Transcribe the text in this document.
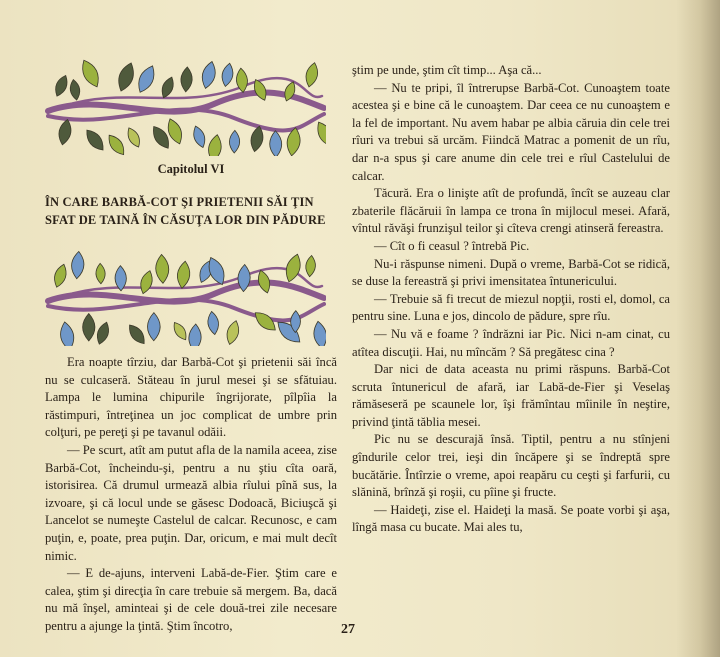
Capitolul VI
ÎN CARE BARBĂ-COT ŞI PRIETENII SĂI ŢIN SFAT DE TAINĂ ÎN CĂSUŢA LOR DIN PĂDURE

Era noapte tîrziu, dar Barbă-Cot şi prietenii săi încă nu se culcaseră. Stăteau în jurul mesei şi se sfătuiau. Lampa le lumina chipurile îngrijorate, pîlpîia la răstimpuri, întreţinea un joc complicat de umbre prin colţuri, pe pereţi şi pe tavanul odăii.

— Pe scurt, atît am putut afla de la namila aceea, zise Barbă-Cot, încheindu-şi, pentru a nu ştiu cîta oară, istorisirea. Că drumul urmează albia rîului pînă sus, la izvoare, şi că locul unde se găsesc Dodoacă, Biciuşcă şi Lancelot se numeşte Castelul de calcar. Recunosc, e cam puţin, e, poate, prea puţin. Dar, oricum, e mai mult decît nimic.

— E de-ajuns, interveni Labă-de-Fier. Ştim care e calea, ştim şi direcţia în care trebuie să mergem. Ba, dacă nu mă înşel, aminteai şi de cele două-trei zile necesare pentru a ajunge la ţintă. Ştim încotro,

ştim pe unde, ştim cît timp... Aşa că...

— Nu te pripi, îl întrerupse Barbă-Cot. Cunoaştem toate acestea şi e bine că le cunoaştem. Dar ceea ce nu cunoaştem e la fel de important. Nu avem habar pe albia căruia din cele trei rîuri va trebui să urcăm. Fiindcă Matrac a pomenit de un rîu, dar n-a spus şi care anume din cele trei e rîul Castelului de calcar.

Tăcură. Era o linişte atît de profundă, încît se auzeau clar zbaterile flăcăruii în lampa ce trona în mijlocul mesei. Afară, vîntul răvăşi frunzişul teilor şi cîteva crengi atinseră fereastra.

— Cît o fi ceasul ? întrebă Pic.

Nu-i răspunse nimeni. După o vreme, Barbă-Cot se ridică, se duse la fereastră şi privi imensitatea întunericului.

— Trebuie să fi trecut de miezul nopţii, rosti el, domol, ca pentru sine. Luna e jos, dincolo de pădure, spre rîu.

— Nu vă e foame ? îndrăzni iar Pic. Nici n-am cinat, cu atîtea discuţii. Hai, nu mîncăm ? Să pregătesc cina ?

Dar nici de data aceasta nu primi răspuns. Barbă-Cot scruta întunericul de afară, iar Labă-de-Fier şi Veselaş rămăseseră pe scaunele lor, îşi frămîntau mîinile în neştire, privind ţintă tăblia mesei.

Pic nu se descurajă însă. Tiptil, pentru a nu stînjeni gîndurile celor trei, ieşi din încăpere şi se îndreptă spre bucătărie. Întîrzie o vreme, apoi reapăru cu ceşti şi farfurii, cu slănină, brînză şi roşii, cu pîine şi fructe.

— Haideţi, zise el. Haideţi la masă. Se poate vorbi şi aşa, lîngă masa cu bucate. Mai ales tu,

27
